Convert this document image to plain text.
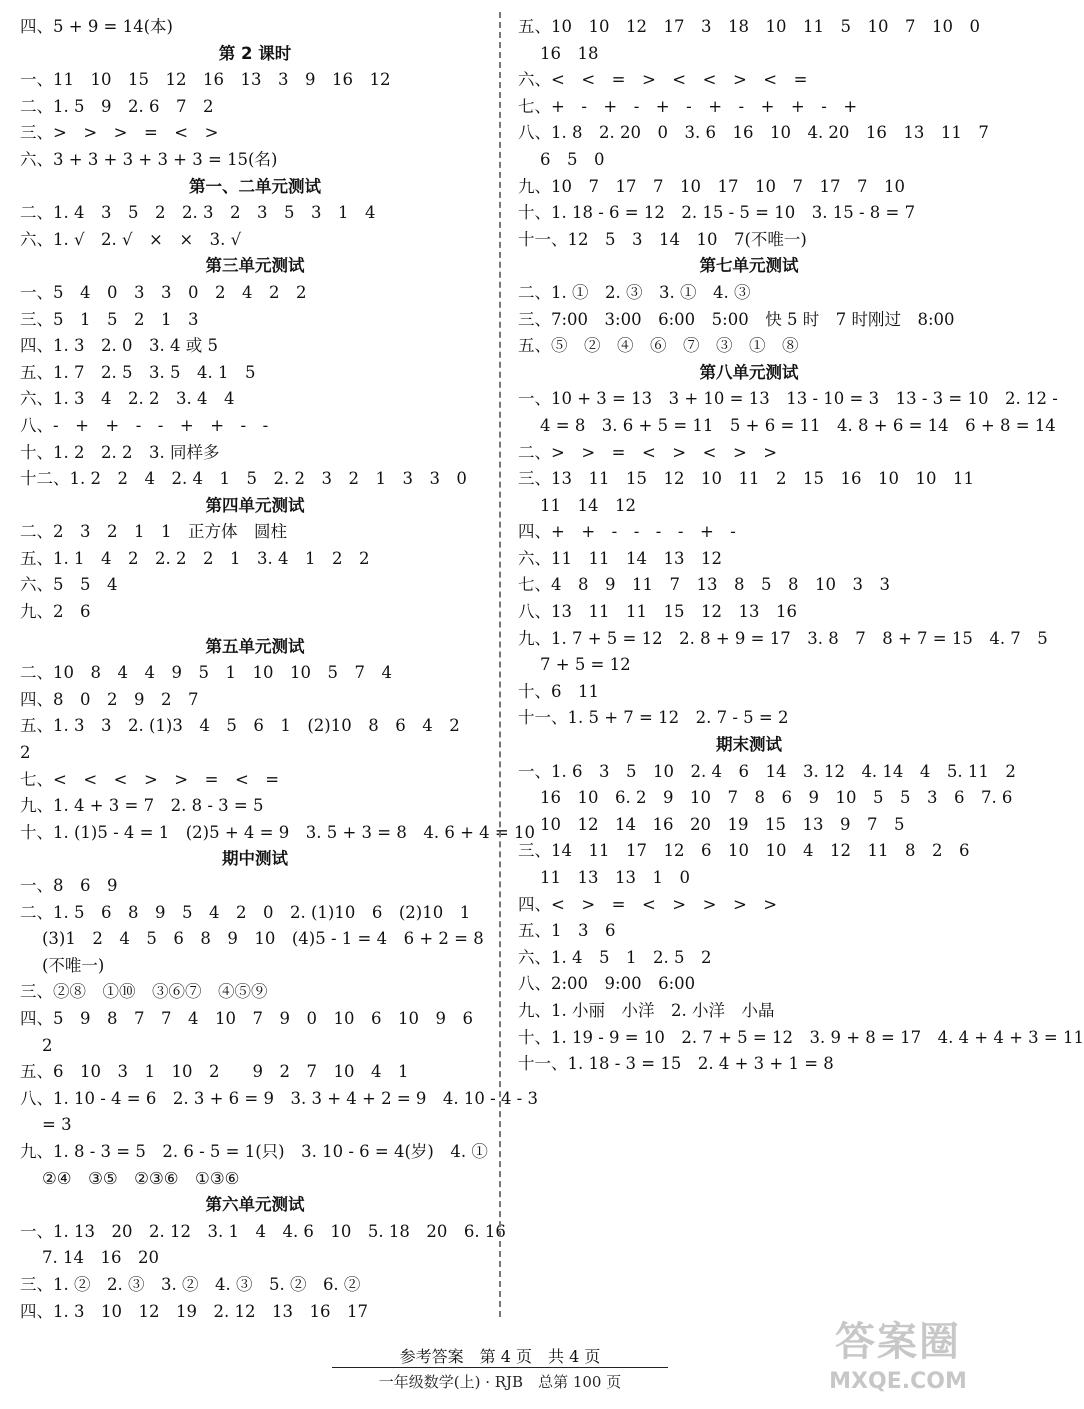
四、5 + 9 = 14(本)
第 2 课时
一、11　10　15　12　16　13　3　9　16　12
二、1. 5　9　2. 6　7　2
三、>　>　>　=　<　>
六、3 + 3 + 3 + 3 + 3 = 15(名)
第一、二单元测试
二、1. 4　3　5　2　2. 3　2　3　5　3　1　4
六、1. √　2. √　×　×　3. √
第三单元测试
一、5　4　0　3　3　0　2　4　2　2
三、5　1　5　2　1　3
四、1. 3　2. 0　3. 4 或 5
五、1. 7　2. 5　3. 5　4. 1　5
六、1. 3　4　2. 2　3. 4　4
八、-　+　+　-　-　+　+　-　-
十、1. 2　2. 2　3. 同样多
十二、1. 2　2　4　2. 4　1　5　2. 2　3　2　1　3　3　0
第四单元测试
二、2　3　2　1　1　正方体　圆柱
五、1. 1　4　2　2. 2　2　1　3. 4　1　2　2
六、5　5　4
九、2　6
第五单元测试
二、10　8　4　4　9　5　1　10　10　5　7　4
四、8　0　2　9　2　7
五、1. 3　3　2. (1)3　4　5　6　1　(2)10　8　6　4　2
2
七、<　<　<　>　>　=　<　=
九、1. 4 + 3 = 7　2. 8 - 3 = 5
十、1. (1)5 - 4 = 1　(2)5 + 4 = 9　3. 5 + 3 = 8　4. 6 + 4 = 10
期中测试
一、8　6　9
二、1. 5　6　8　9　5　4　2　0　2. (1)10　6　(2)10　1
(3)1　2　4　5　6　8　9　10　(4)5 - 1 = 4　6 + 2 = 8
(不唯一)
三、②⑧　①⑩　③⑥⑦　④⑤⑨
四、5　9　8　7　7　4　10　7　9　0　10　6　10　9　6
2
五、6　10　3　1　10　2　　9　2　7　10　4　1
八、1. 10 - 4 = 6　2. 3 + 6 = 9　3. 3 + 4 + 2 = 9　4. 10 - 4 - 3
= 3
九、1. 8 - 3 = 5　2. 6 - 5 = 1(只)　3. 10 - 6 = 4(岁)　4. ①
②④　③⑤　②③⑥　①③⑥
第六单元测试
一、1. 13　20　2. 12　3. 1　4　4. 6　10　5. 18　20　6. 16
7. 14　16　20
三、1. ②　2. ③　3. ②　4. ③　5. ②　6. ②
四、1. 3　10　12　19　2. 12　13　16　17
五、10　10　12　17　3　18　10　11　5　10　7　10　0
16　18
六、<　<　=　>　<　<　>　<　=
七、+　-　+　-　+　-　+　-　+　+　-　+
八、1. 8　2. 20　0　3. 6　16　10　4. 20　16　13　11　7
6　5　0
九、10　7　17　7　10　17　10　7　17　7　10
十、1. 18 - 6 = 12　2. 15 - 5 = 10　3. 15 - 8 = 7
十一、12　5　3　14　10　7(不唯一)
第七单元测试
二、1. ①　2. ③　3. ①　4. ③
三、7:00　3:00　6:00　5:00　快 5 时　7 时刚过　8:00
五、⑤　②　④　⑥　⑦　③　①　⑧
第八单元测试
一、10 + 3 = 13　3 + 10 = 13　13 - 10 = 3　13 - 3 = 10　2. 12 -
4 = 8　3. 6 + 5 = 11　5 + 6 = 11　4. 8 + 6 = 14　6 + 8 = 14
二、>　>　=　<　>　<　>　>
三、13　11　15　12　10　11　2　15　16　10　10　11
11　14　12
四、+　+　-　-　-　-　+　-
六、11　11　14　13　12
七、4　8　9　11　7　13　8　5　8　10　3　3
八、13　11　11　15　12　13　16
九、1. 7 + 5 = 12　2. 8 + 9 = 17　3. 8　7　8 + 7 = 15　4. 7　5
7 + 5 = 12
十、6　11
十一、1. 5 + 7 = 12　2. 7 - 5 = 2
期末测试
一、1. 6　3　5　10　2. 4　6　14　3. 12　4. 14　4　5. 11　2
16　10　6. 2　9　10　7　8　6　9　10　5　5　3　6　7. 6
10　12　14　16　20　19　15　13　9　7　5
三、14　11　17　12　6　10　10　4　12　11　8　2　6
11　13　13　1　0
四、<　>　=　<　>　>　>　>
五、1　3　6
六、1. 4　5　1　2. 5　2
八、2:00　9:00　6:00
九、1. 小丽　小洋　2. 小洋　小晶
十、1. 19 - 9 = 10　2. 7 + 5 = 12　3. 9 + 8 = 17　4. 4 + 4 + 3 = 11
十一、1. 18 - 3 = 15　2. 4 + 3 + 1 = 8
参考答案　第 4 页　共 4 页
一年级数学(上) · RJB　总第 100 页
答案圈
MXQE.COM
